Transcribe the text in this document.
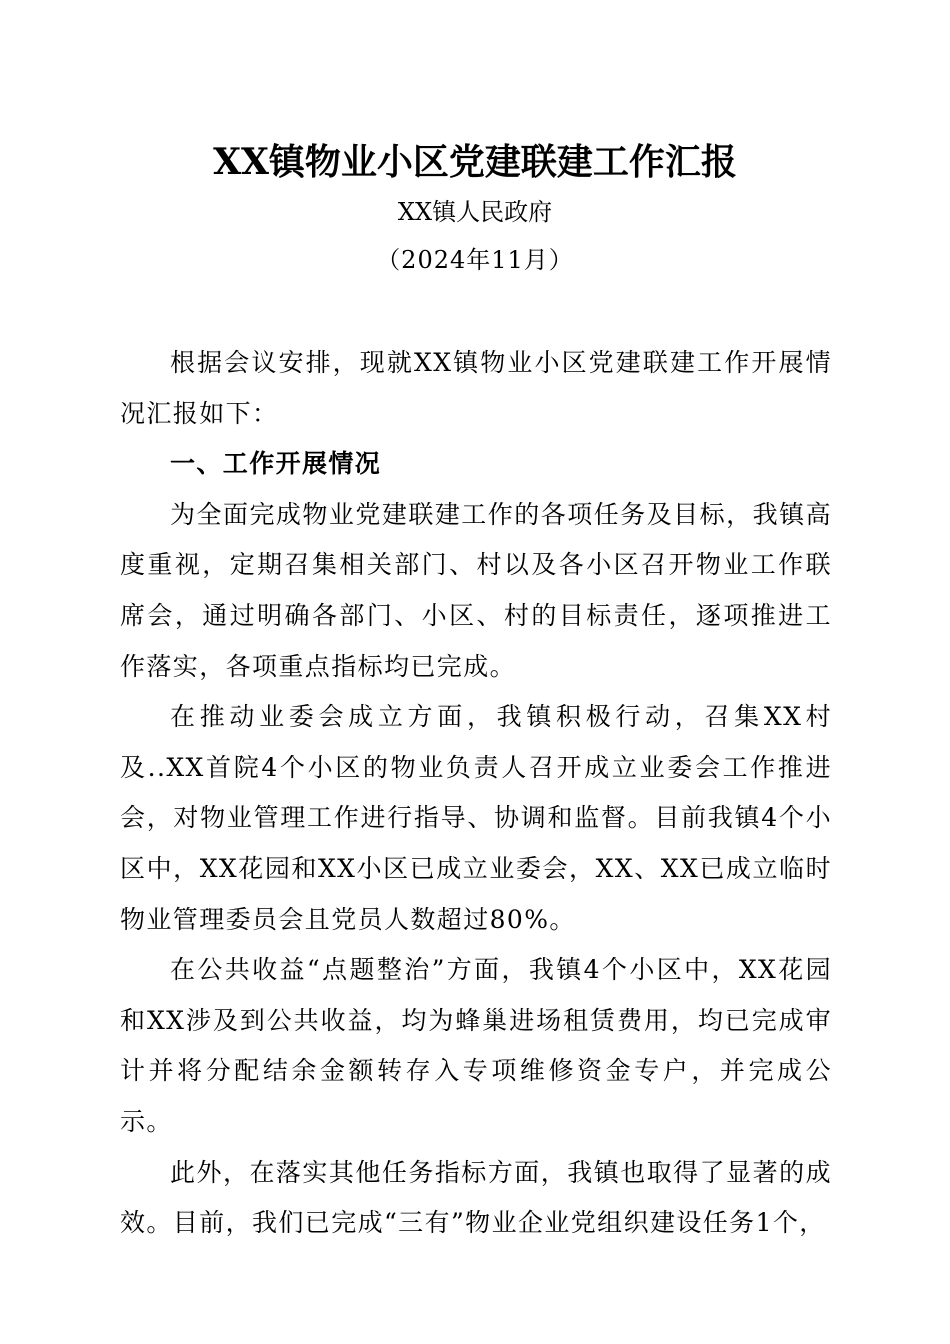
XX镇物业小区党建联建工作汇报
XX镇人民政府
（2024年11月）

根据会议安排，现就XX镇物业小区党建联建工作开展情况汇报如下：

一、工作开展情况

为全面完成物业党建联建工作的各项任务及目标，我镇高度重视，定期召集相关部门、村以及各小区召开物业工作联席会，通过明确各部门、小区、村的目标责任，逐项推进工作落实，各项重点指标均已完成。

在推动业委会成立方面，我镇积极行动，召集XX村及..XX首院4个小区的物业负责人召开成立业委会工作推进会，对物业管理工作进行指导、协调和监督。目前我镇4个小区中，XX花园和XX小区已成立业委会，XX、XX已成立临时物业管理委员会且党员人数超过80%。

在公共收益“点题整治”方面，我镇4个小区中，XX花园和XX涉及到公共收益，均为蜂巢进场租赁费用，均已完成审计并将分配结余金额转存入专项维修资金专户，并完成公示。

此外，在落实其他任务指标方面，我镇也取得了显著的成效。目前，我们已完成“三有”物业企业党组织建设任务1个，
